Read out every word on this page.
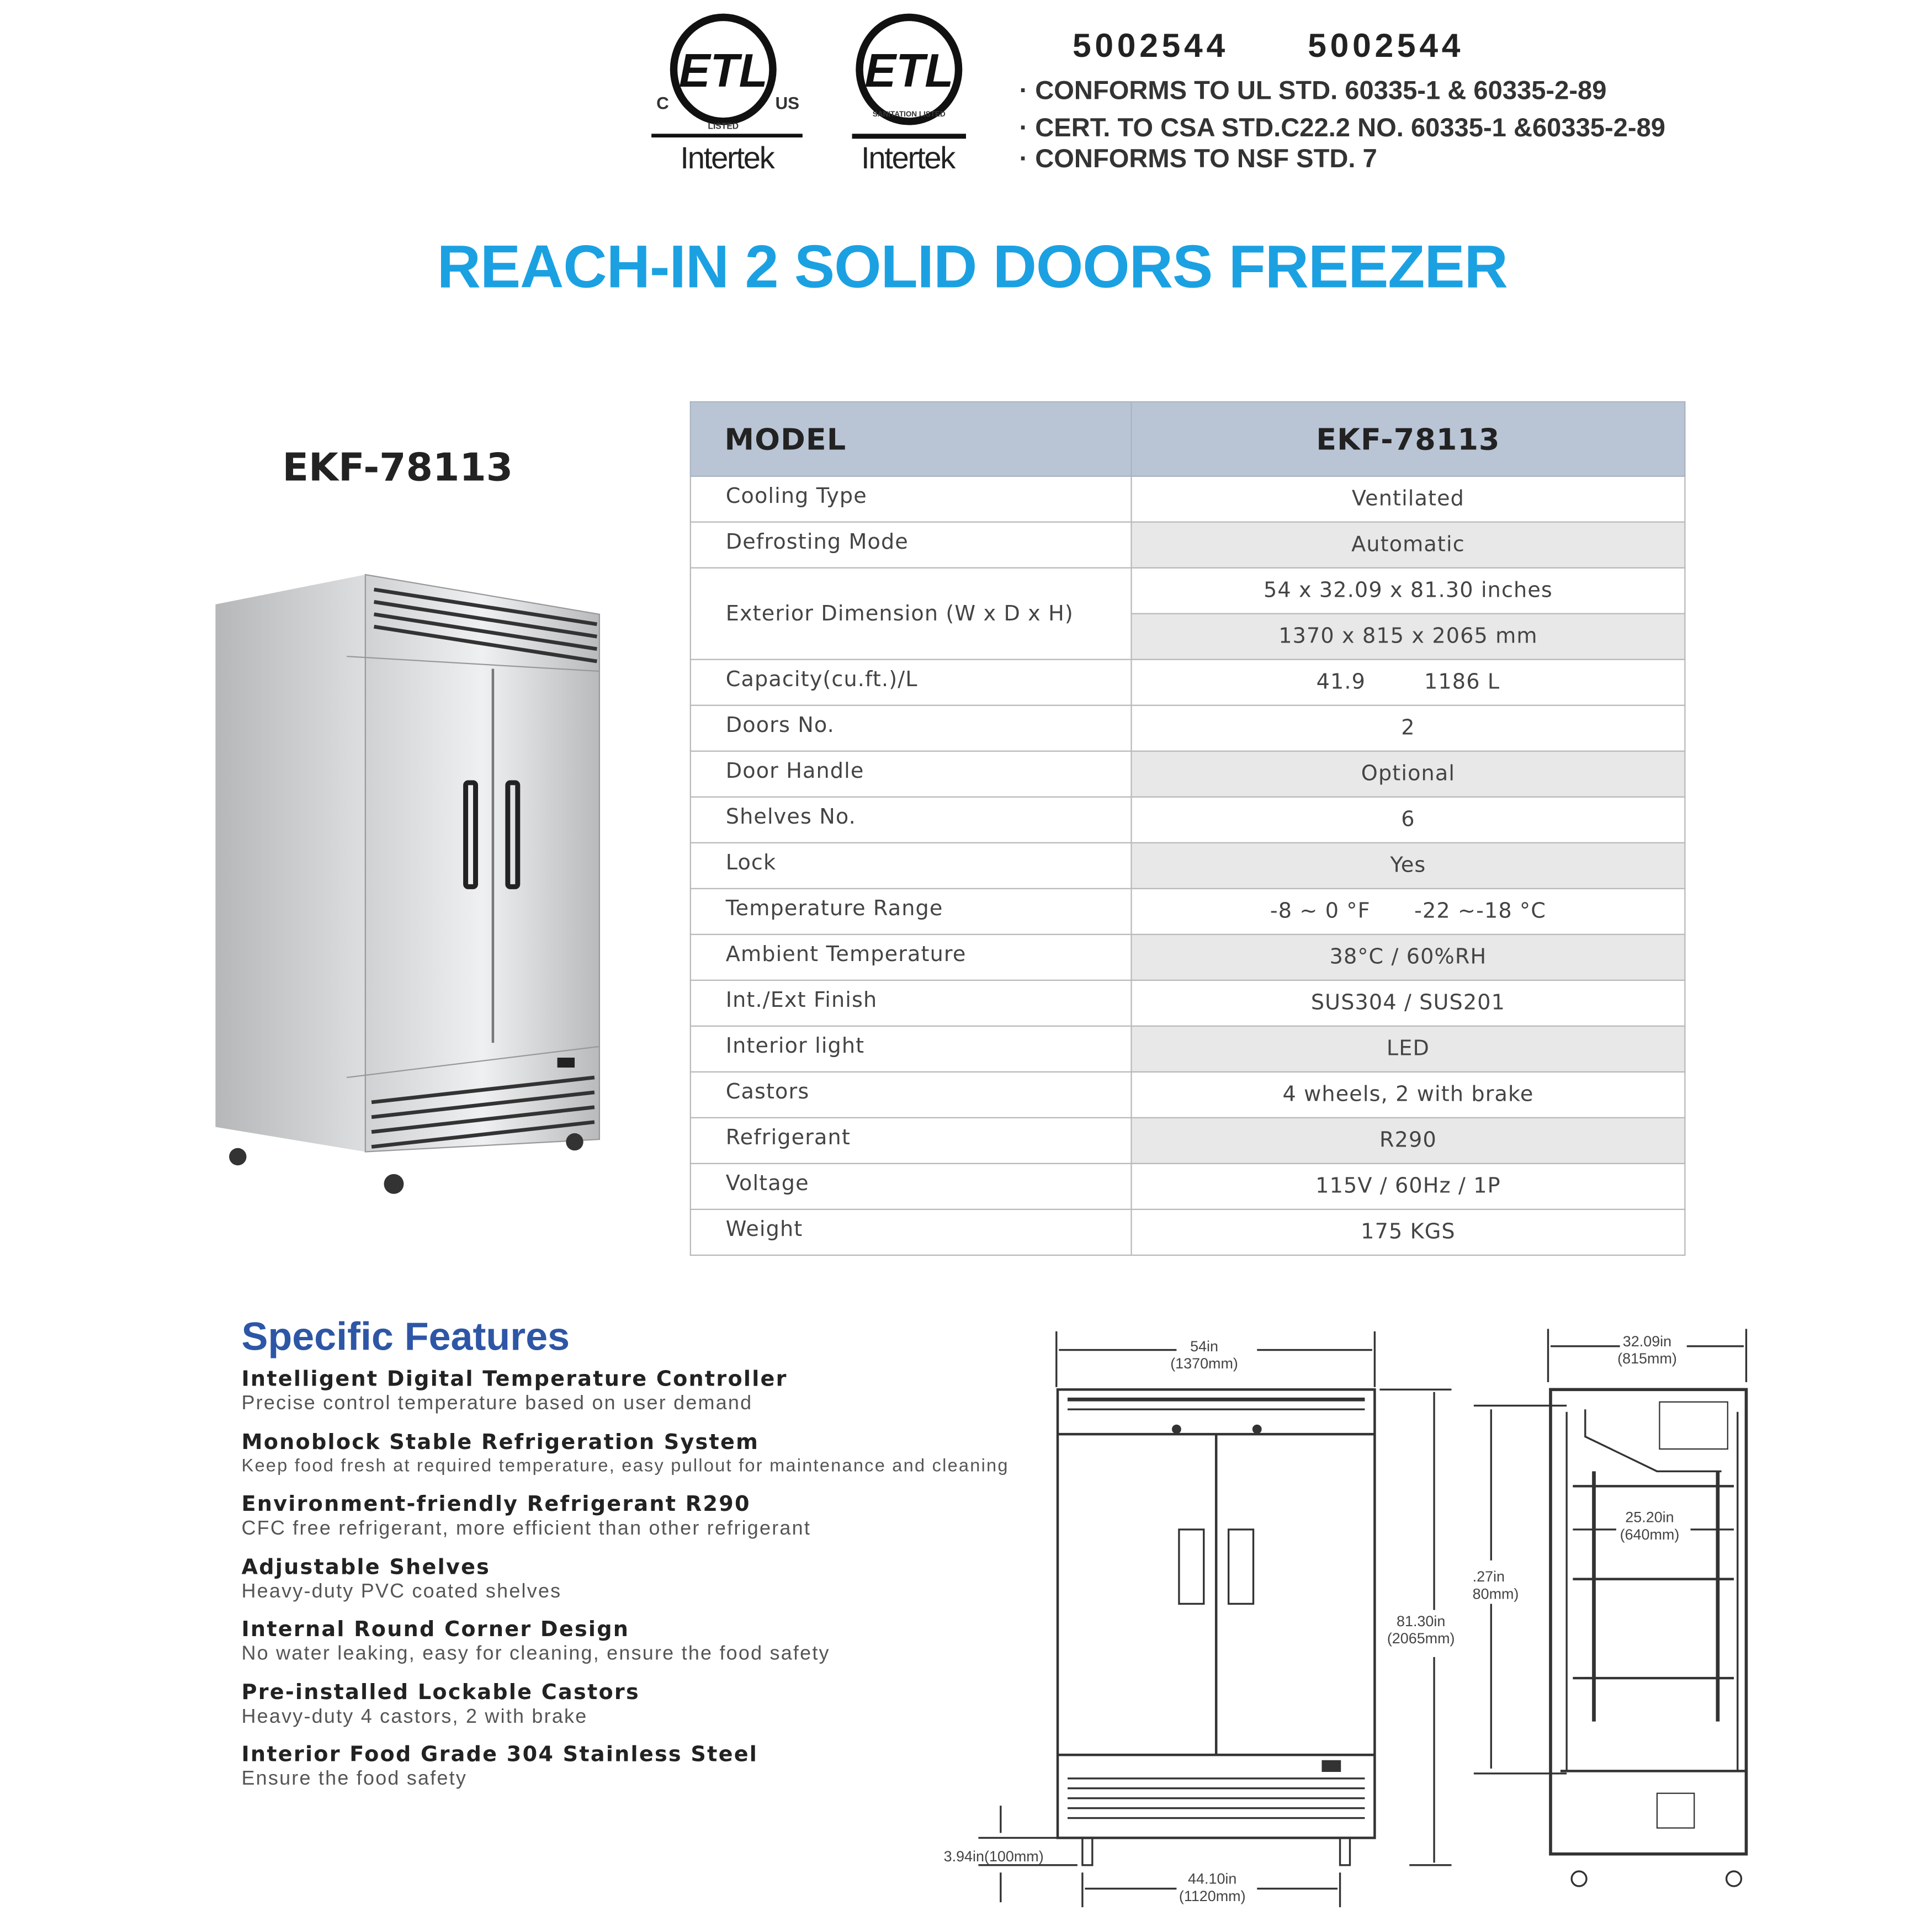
ETL
C	US
LISTED
Intertek
ETL
SANITATION LISTED
Intertek
5002544	5002544
· CONFORMS TO UL STD. 60335-1 & 60335-2-89
· CERT. TO CSA STD.C22.2 NO. 60335-1 &60335-2-89
· CONFORMS TO NSF STD. 7
REACH-IN 2 SOLID DOORS FREEZER
EKF-78113
MODEL	EKF-78113
Cooling Type	Ventilated
Defrosting Mode	Automatic
Exterior Dimension (W x D x H)	54 x 32.09 x 81.30 inches
	1370 x 815 x 2065 mm
Capacity(cu.ft.)/L	41.9        1186 L
Doors No.	2
Door Handle	Optional
Shelves No.	6
Lock	Yes
Temperature Range	-8 ~ 0 °F      -22 ~-18 °C
Ambient Temperature	38°C / 60%RH
Int./Ext Finish	SUS304 / SUS201
Interior light	LED
Castors	4 wheels, 2 with brake
Refrigerant	R290
Voltage	115V / 60Hz / 1P
Weight	175 KGS
Specific Features
Intelligent Digital Temperature Controller
Precise control temperature based on user demand
Monoblock Stable Refrigeration System
Keep food fresh at required temperature, easy pullout for maintenance and cleaning
Environment-friendly Refrigerant R290
CFC free refrigerant, more efficient than other refrigerant
Adjustable Shelves
Heavy-duty PVC coated shelves
Internal Round Corner Design
No water leaking, easy for cleaning, ensure the food safety
Pre-installed Lockable Castors
Heavy-duty 4 castors, 2 with brake
Interior Food Grade 304 Stainless Steel
Ensure the food safety
54in
(1370mm)
32.09in
(815mm)
81.30in
(2065mm)
.27in
80mm)
25.20in
(640mm)
3.94in(100mm)
44.10in
(1120mm)
